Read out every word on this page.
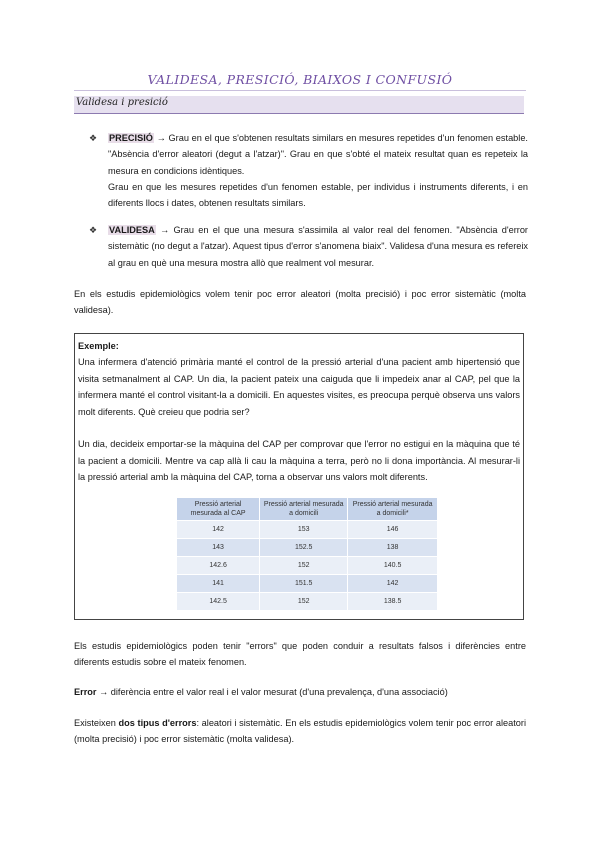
VALIDESA, PRESICIÓ, BIAIXOS I CONFUSIÓ
Validesa i presició
❖ PRECISIÓ → Grau en el que s'obtenen resultats similars en mesures repetides d'un fenomen estable. "Absència d'error aleatori (degut a l'atzar)". Grau en que s'obté el mateix resultat quan es repeteix la mesura en condicions idèntiques.
Grau en que les mesures repetides d'un fenomen estable, per individus i instruments diferents, i en diferents llocs i dates, obtenen resultats similars.
❖ VALIDESA → Grau en el que una mesura s'assimila al valor real del fenomen. "Absència d'error sistemàtic (no degut a l'atzar). Aquest tipus d'error s'anomena biaix". Validesa d'una mesura es refereix al grau en què una mesura mostra allò que realment vol mesurar.
En els estudis epidemiològics volem tenir poc error aleatori (molta precisió) i poc error sistemàtic (molta validesa).
Exemple:

Una infermera d'atenció primària manté el control de la pressió arterial d'una pacient amb hipertensió que visita setmanalment al CAP. Un dia, la pacient pateix una caiguda que li impedeix anar al CAP, pel que la infermera manté el control visitant-la a domicili. En aquestes visites, es preocupa perquè observa uns valors molt diferents. Què creieu que podria ser?

Un dia, decideix emportar-se la màquina del CAP per comprovar que l'error no estigui en la màquina que té la pacient a domicili. Mentre va cap allà li cau la màquina a terra, però no li dona importància. Al mesurar-li la pressió arterial amb la màquina del CAP, torna a observar uns valors molt diferents.

Pressió arterial mesurada al CAP	Pressió arterial mesurada a domicili	Pressió arterial mesurada a domicili*
142	153	146
143	152.5	138
142.6	152	140.5
141	151.5	142
142.5	152	138.5
Els estudis epidemiològics poden tenir "errors" que poden conduir a resultats falsos i diferències entre diferents estudis sobre el mateix fenomen.
Error → diferència entre el valor real i el valor mesurat (d'una prevalença, d'una associació)
Existeixen dos tipus d'errors: aleatori i sistemàtic. En els estudis epidemiològics volem tenir poc error aleatori (molta precisió) i poc error sistemàtic (molta validesa).
